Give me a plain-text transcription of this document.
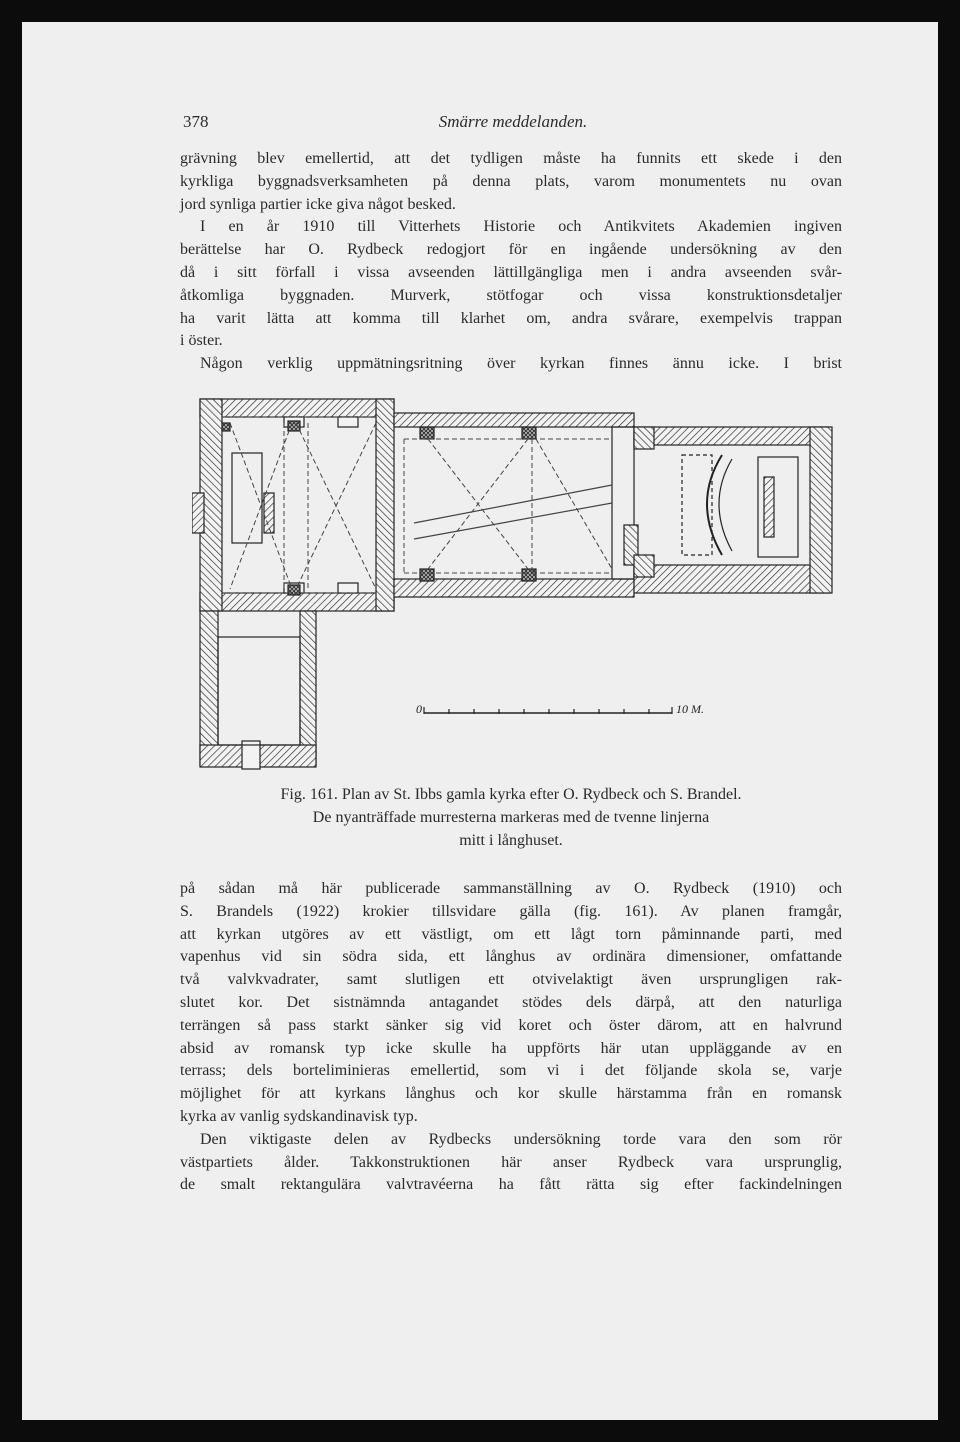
378	Smärre meddelanden.
grävning blev emellertid, att det tydligen måste ha funnits ett skede i den
kyrkliga byggnadsverksamheten på denna plats, varom monumentets nu ovan
jord synliga partier icke giva något besked.
I en år 1910 till Vitterhets Historie och Antikvitets Akademien ingiven
berättelse har O. Rydbeck redogjort för en ingående undersökning av den
då i sitt förfall i vissa avseenden lättillgängliga men i andra avseenden svår-
åtkomliga byggnaden. Murverk, stötfogar och vissa konstruktionsdetaljer
ha varit lätta att komma till klarhet om, andra svårare, exempelvis trappan
i öster.
Någon verklig uppmätningsritning över kyrkan finnes ännu icke. I brist
0	10 M.
Fig. 161. Plan av St. Ibbs gamla kyrka efter O. Rydbeck och S. Brandel.
De nyanträffade murresterna markeras med de tvenne linjerna
mitt i långhuset.
på sådan må här publicerade sammanställning av O. Rydbeck (1910) och
S. Brandels (1922) krokier tillsvidare gälla (fig. 161). Av planen framgår,
att kyrkan utgöres av ett västligt, om ett lågt torn påminnande parti, med
vapenhus vid sin södra sida, ett långhus av ordinära dimensioner, omfattande
två valvkvadrater, samt slutligen ett otvivelaktigt även ursprungligen rak-
slutet kor. Det sistnämnda antagandet stödes dels därpå, att den naturliga
terrängen så pass starkt sänker sig vid koret och öster därom, att en halvrund
absid av romansk typ icke skulle ha uppförts här utan uppläggande av en
terrass; dels borteliminieras emellertid, som vi i det följande skola se, varje
möjlighet för att kyrkans långhus och kor skulle härstamma från en romansk
kyrka av vanlig sydskandinavisk typ.
Den viktigaste delen av Rydbecks undersökning torde vara den som rör
västpartiets ålder. Takkonstruktionen här anser Rydbeck vara ursprunglig,
de smalt rektangulära valvtravéerna ha fått rätta sig efter fackindelningen
